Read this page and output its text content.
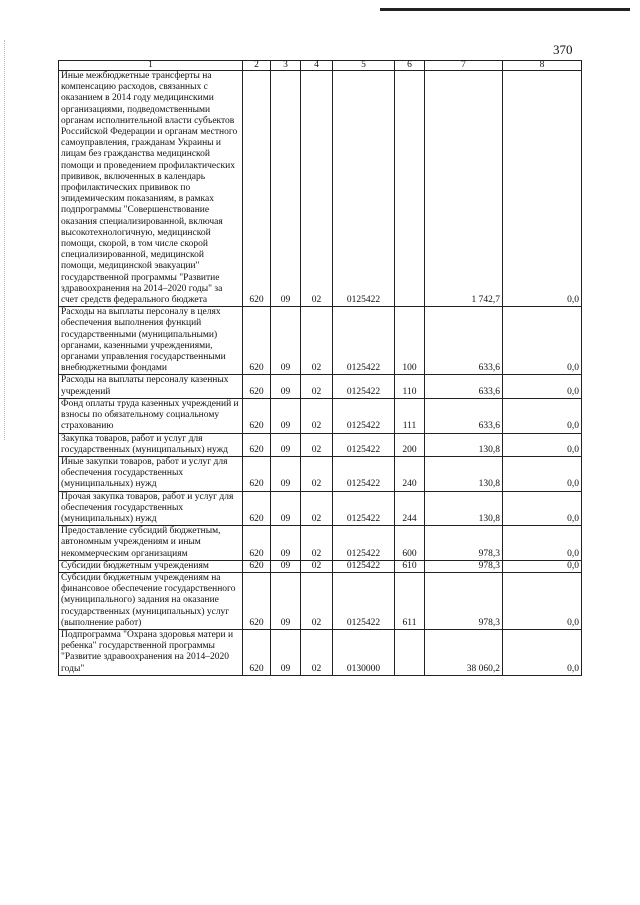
370
1	2	3	4	5	6	7	8
Иные межбюджетные трансферты на компенсацию расходов, связанных с оказанием в 2014 году медицинскими организациями, подведомственными органам исполнительной власти субъектов Российской Федерации и органам местного самоуправления, гражданам Украины и лицам без гражданства медицинской помощи и проведением профилактических прививок, включенных в календарь профилактических прививок по эпидемическим показаниям, в рамках подпрограммы "Совершенствование оказания специализированной, включая высокотехнологичную, медицинской помощи, скорой, в том числе скорой специализированной, медицинской помощи, медицинской эвакуации" государственной программы "Развитие здравоохранения на 2014–2020 годы" за счет средств федерального бюджета	620	09	02	0125422		1 742,7	0,0
Расходы на выплаты персоналу в целях обеспечения выполнения функций государственными (муниципальными) органами, казенными учреждениями, органами управления государственными внебюджетными фондами	620	09	02	0125422	100	633,6	0,0
Расходы на выплаты персоналу казенных учреждений	620	09	02	0125422	110	633,6	0,0
Фонд оплаты труда казенных учреждений и взносы по обязательному социальному страхованию	620	09	02	0125422	111	633,6	0,0
Закупка товаров, работ и услуг для государственных (муниципальных) нужд	620	09	02	0125422	200	130,8	0,0
Иные закупки товаров, работ и услуг для обеспечения государственных (муниципальных) нужд	620	09	02	0125422	240	130,8	0,0
Прочая закупка товаров, работ и услуг для обеспечения государственных (муниципальных) нужд	620	09	02	0125422	244	130,8	0,0
Предоставление субсидий бюджетным, автономным учреждениям и иным некоммерческим организациям	620	09	02	0125422	600	978,3	0,0
Субсидии бюджетным учреждениям	620	09	02	0125422	610	978,3	0,0
Субсидии бюджетным учреждениям на финансовое обеспечение государственного (муниципального) задания на оказание государственных (муниципальных) услуг (выполнение работ)	620	09	02	0125422	611	978,3	0,0
Подпрограмма "Охрана здоровья матери и ребенка" государственной программы "Развитие здравоохранения на 2014–2020 годы"	620	09	02	0130000		38 060,2	0,0
